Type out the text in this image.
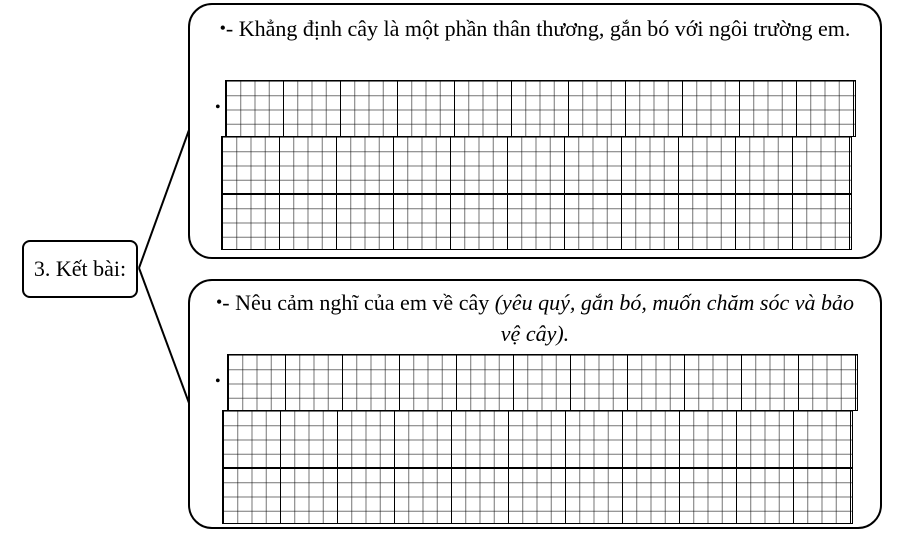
3. Kết bài:
•- Khẳng định cây là một phần thân thương, gắn bó với ngôi trường em.
•
•- Nêu cảm nghĩ của em về cây (yêu quý, gắn bó, muốn chăm sóc và bảo vệ cây).
•
